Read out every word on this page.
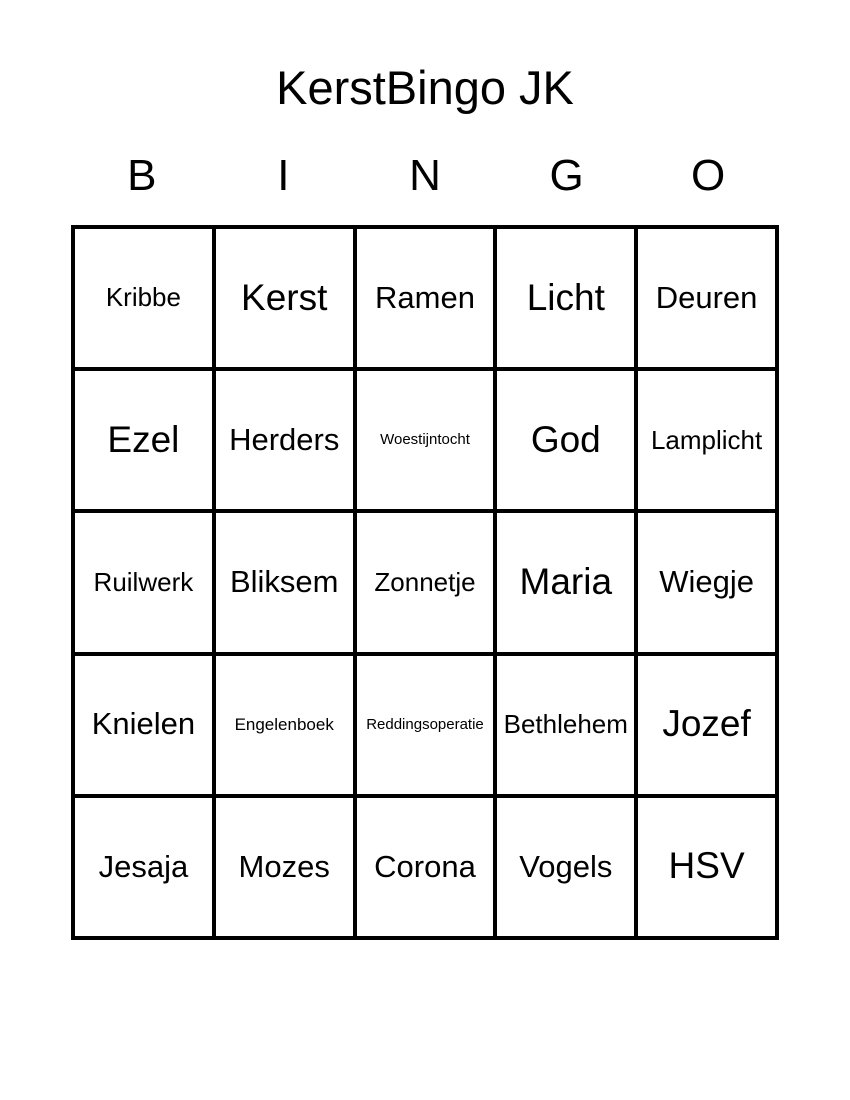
KerstBingo JK
B	I	N	G	O
Kribbe Kerst Ramen Licht Deuren
Ezel Herders	Woestijntocht God Lamplicht
Ruilwerk Bliksem Zonnetje Maria Wiegje
Knielen Engelenboek Reddingsoperatie Bethlehem Jozef
Jesaja Mozes Corona Vogels HSV
